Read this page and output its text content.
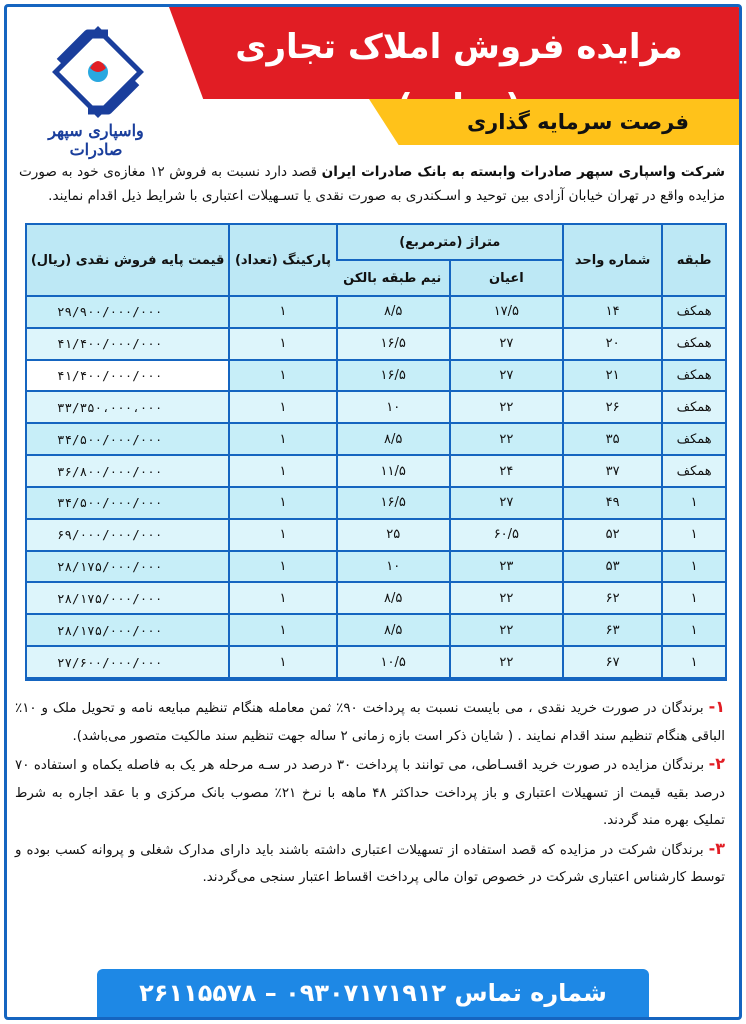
مزایده فروش املاک تجاری
فرصت سرمایه گذاری
واسپاری سپهر صادرات

شرکت واسپاری سپهر صادرات وابسته به بانک صادرات ایران قصد دارد نسبت به فروش ۱۲ مغازه‌ی خود به صورت مزایده واقع در تهران خیابان آزادی بین توحید و اسـکندری به صورت نقدی یا تسـهیلات اعتباری با شرایط ذیل اقدام نمایند.

طبقه	شماره واحد	متراژ (مترمربع)		پارکینگ (تعداد)	قیمت پایه فروش نقدی (ریال)
		اعیان	نیم طبقه بالکن		
همکف	۱۴	۱۷/۵	۸/۵	۱	۲۹/۹۰۰/۰۰۰/۰۰۰
همکف	۲۰	۲۷	۱۶/۵	۱	۴۱/۴۰۰/۰۰۰/۰۰۰
همکف	۲۱	۲۷	۱۶/۵	۱	۴۱/۴۰۰/۰۰۰/۰۰۰
همکف	۲۶	۲۲	۱۰	۱	۳۳/۳۵۰،۰۰۰،۰۰۰
همکف	۳۵	۲۲	۸/۵	۱	۳۴/۵۰۰/۰۰۰/۰۰۰
همکف	۳۷	۲۴	۱۱/۵	۱	۳۶/۸۰۰/۰۰۰/۰۰۰
۱	۴۹	۲۷	۱۶/۵	۱	۳۴/۵۰۰/۰۰۰/۰۰۰
۱	۵۲	۶۰/۵	۲۵	۱	۶۹/۰۰۰/۰۰۰/۰۰۰
۱	۵۳	۲۳	۱۰	۱	۲۸/۱۷۵/۰۰۰/۰۰۰
۱	۶۲	۲۲	۸/۵	۱	۲۸/۱۷۵/۰۰۰/۰۰۰
۱	۶۳	۲۲	۸/۵	۱	۲۸/۱۷۵/۰۰۰/۰۰۰
۱	۶۷	۲۲	۱۰/۵	۱	۲۷/۶۰۰/۰۰۰/۰۰۰

۱- برندگان در صورت خرید نقدی ، می بایست نسبت به پرداخت ۹۰٪ ثمن معامله هنگام تنظیم مبایعه نامه و تحویل ملک و ۱۰٪ الباقی هنگام تنظیم سند اقدام نمایند . ( شایان ذکر است بازه زمانی ۲ ساله جهت تنظیم سند مالکیت متصور می‌باشد).

۲- برندگان مزایده در صورت خرید اقسـاطی، می توانند با پرداخت ۳۰ درصد در سـه مرحله هر یک به فاصله یکماه و استفاده ۷۰ درصد بقیه قیمت از تسهیلات اعتباری و باز پرداخت حداکثر ۴۸ ماهه با نرخ ۲۱٪ مصوب بانک مرکزی و با عقد اجاره به شرط تملیک بهره مند گردند.

۳- برندگان شرکت در مزایده که قصد استفاده از تسهیلات اعتباری داشته باشند باید دارای مدارک شغلی و پروانه کسب بوده و توسط کارشناس اعتباری شرکت در خصوص توان مالی پرداخت اقساط اعتبار سنجی می‌گردند.

شماره تماس ۰۹۳۰۷۱۷۱۹۱۲ – ۲۶۱۱۵۵۷۸
